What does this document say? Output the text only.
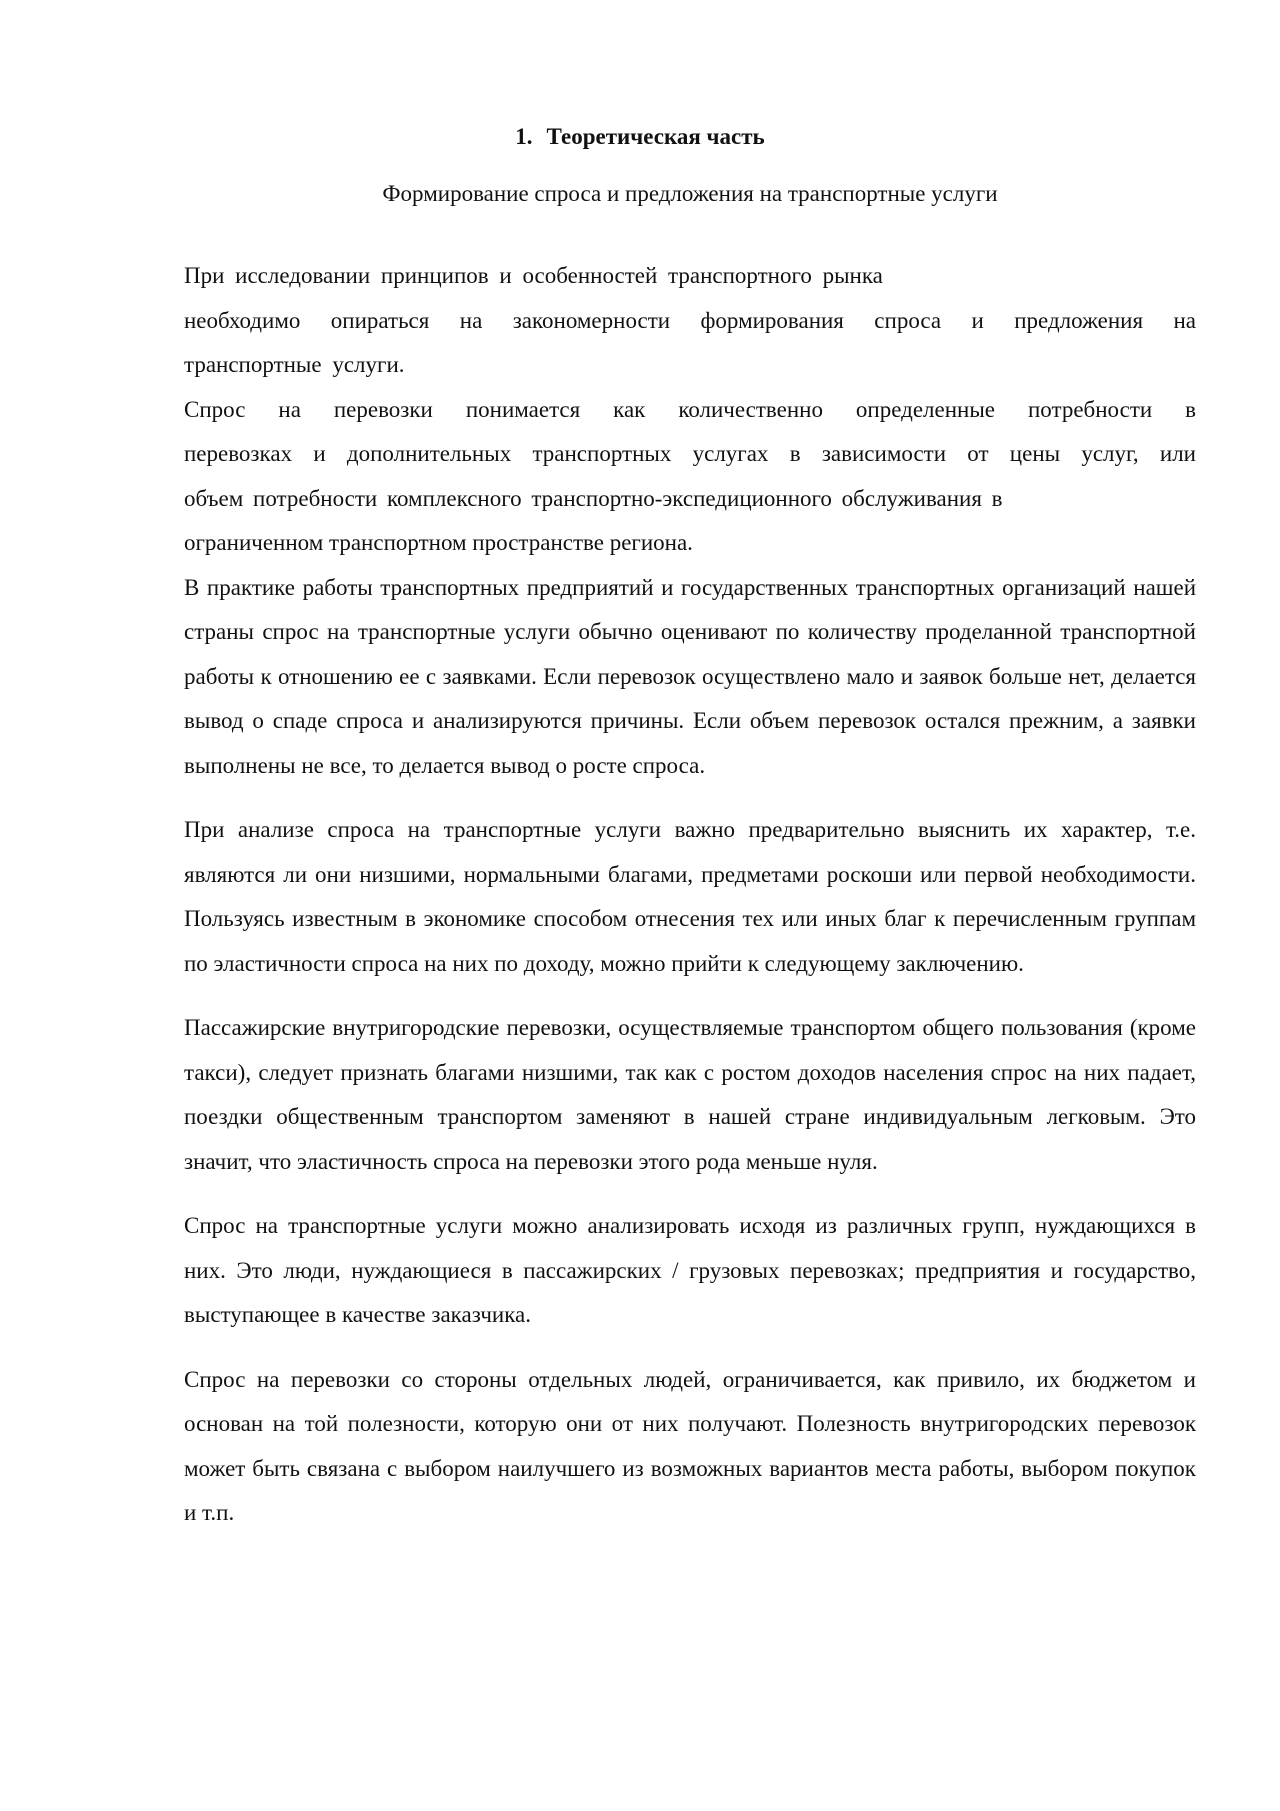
1. Теоретическая часть
Формирование спроса и предложения на транспортные услуги
При исследовании принципов и особенностей транспортного рынка
необходимо опираться на закономерности формирования спроса и предложения на
транспортные услуги.
Спрос на перевозки понимается как количественно определенные потребности в
перевозках и дополнительных транспортных услугах в зависимости от цены услуг, или
объем потребности комплексного транспортно-экспедиционного обслуживания в
ограниченном транспортном пространстве региона.

В практике работы транспортных предприятий и государственных транспортных организаций нашей страны спрос на транспортные услуги обычно оценивают по количеству проделанной транспортной работы к отношению ее с заявками. Если перевозок осуществлено мало и заявок больше нет, делается вывод о спаде спроса и анализируются причины. Если объем перевозок остался прежним, а заявки выполнены не все, то делается вывод о росте спроса.

При анализе спроса на транспортные услуги важно предварительно выяснить их характер, т.е. являются ли они низшими, нормальными благами, предметами роскоши или первой необходимости. Пользуясь известным в экономике способом отнесения тех или иных благ к перечисленным группам по эластичности спроса на них по доходу, можно прийти к следующему заключению.

Пассажирские внутригородские перевозки, осуществляемые транспортом общего пользования (кроме такси), следует признать благами низшими, так как с ростом доходов населения спрос на них падает, поездки общественным транспортом заменяют в нашей стране индивидуальным легковым. Это значит, что эластичность спроса на перевозки этого рода меньше нуля.

Спрос на транспортные услуги можно анализировать исходя из различных групп, нуждающихся в них. Это люди, нуждающиеся в пассажирских / грузовых перевозках; предприятия и государство, выступающее в качестве заказчика.

Спрос на перевозки со стороны отдельных людей, ограничивается, как привило, их бюджетом и основан на той полезности, которую они от них получают. Полезность внутригородских перевозок может быть связана с выбором наилучшего из возможных вариантов места работы, выбором покупок и т.п.
